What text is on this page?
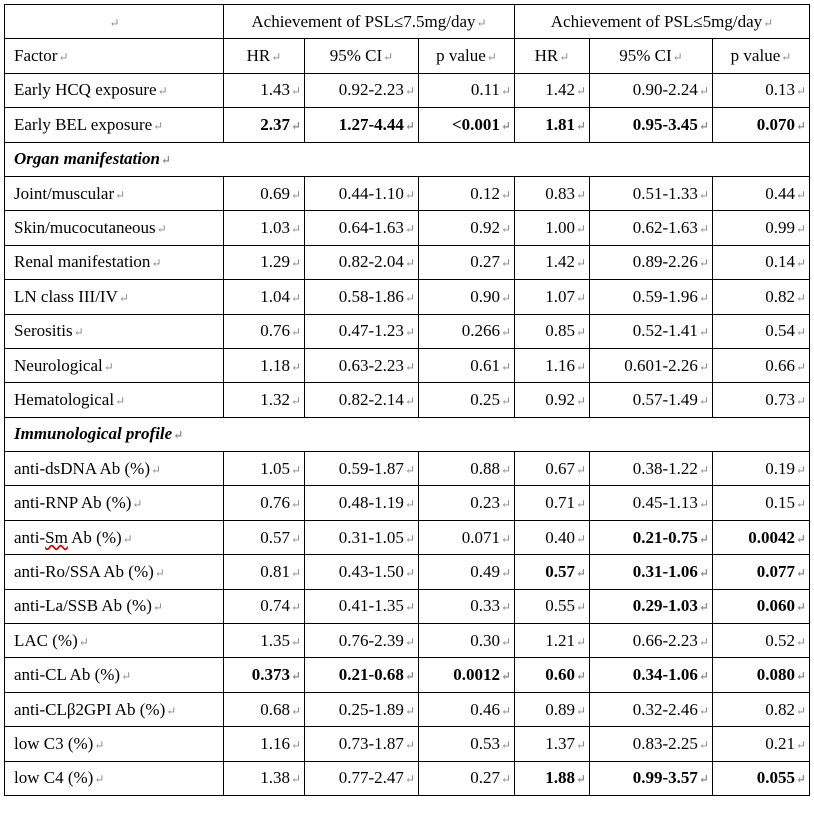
↵	Achievement of PSL≤7.5mg/day↵			Achievement of PSL≤5mg/day↵		
Factor↵	HR↵	95% CI↵	p value↵	HR↵	95% CI↵	p value↵
Early HCQ exposure↵	1.43↵	0.92-2.23↵	0.11↵	1.42↵	0.90-2.24↵	0.13↵
Early BEL exposure↵	2.37↵	1.27-4.44↵	<0.001↵	1.81↵	0.95-3.45↵	0.070↵
Organ manifestation↵						
Joint/muscular↵	0.69↵	0.44-1.10↵	0.12↵	0.83↵	0.51-1.33↵	0.44↵
Skin/mucocutaneous↵	1.03↵	0.64-1.63↵	0.92↵	1.00↵	0.62-1.63↵	0.99↵
Renal manifestation↵	1.29↵	0.82-2.04↵	0.27↵	1.42↵	0.89-2.26↵	0.14↵
LN class III/IV↵	1.04↵	0.58-1.86↵	0.90↵	1.07↵	0.59-1.96↵	0.82↵
Serositis↵	0.76↵	0.47-1.23↵	0.266↵	0.85↵	0.52-1.41↵	0.54↵
Neurological↵	1.18↵	0.63-2.23↵	0.61↵	1.16↵	0.601-2.26↵	0.66↵
Hematological↵	1.32↵	0.82-2.14↵	0.25↵	0.92↵	0.57-1.49↵	0.73↵
Immunological profile↵						
anti-dsDNA Ab (%)↵	1.05↵	0.59-1.87↵	0.88↵	0.67↵	0.38-1.22↵	0.19↵
anti-RNP Ab (%)↵	0.76↵	0.48-1.19↵	0.23↵	0.71↵	0.45-1.13↵	0.15↵
anti-Sm Ab (%)↵	0.57↵	0.31-1.05↵	0.071↵	0.40↵	0.21-0.75↵	0.0042↵
anti-Ro/SSA Ab (%)↵	0.81↵	0.43-1.50↵	0.49↵	0.57↵	0.31-1.06↵	0.077↵
anti-La/SSB Ab (%)↵	0.74↵	0.41-1.35↵	0.33↵	0.55↵	0.29-1.03↵	0.060↵
LAC (%)↵	1.35↵	0.76-2.39↵	0.30↵	1.21↵	0.66-2.23↵	0.52↵
anti-CL Ab (%)↵	0.373↵	0.21-0.68↵	0.0012↵	0.60↵	0.34-1.06↵	0.080↵
anti-CLβ2GPI Ab (%)↵	0.68↵	0.25-1.89↵	0.46↵	0.89↵	0.32-2.46↵	0.82↵
low C3 (%)↵	1.16↵	0.73-1.87↵	0.53↵	1.37↵	0.83-2.25↵	0.21↵
low C4 (%)↵	1.38↵	0.77-2.47↵	0.27↵	1.88↵	0.99-3.57↵	0.055↵
